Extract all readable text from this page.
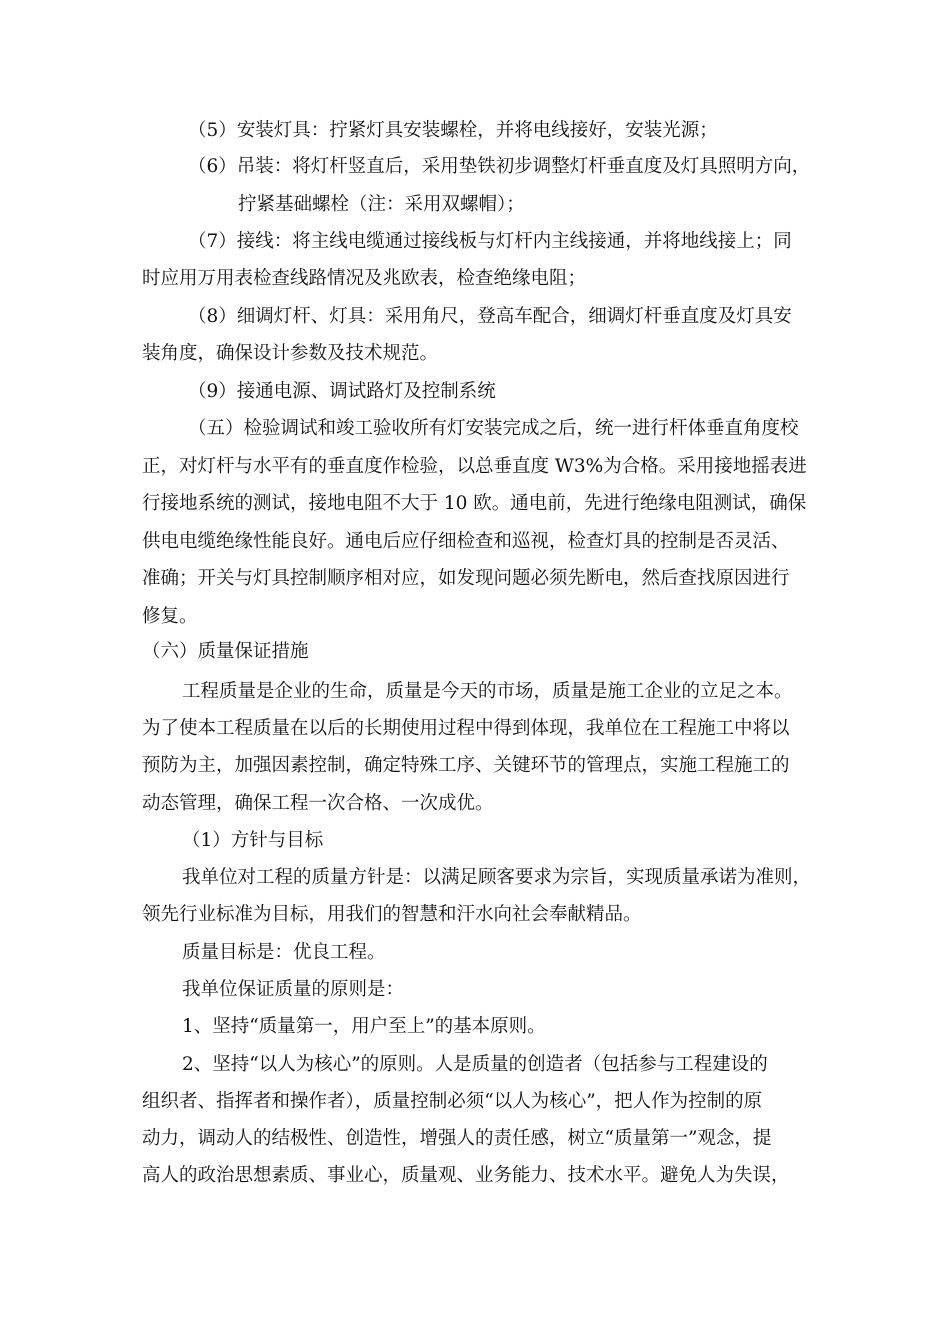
（5）安装灯具：拧紧灯具安装螺栓，并将电线接好，安装光源；
（6）吊装：将灯杆竖直后，采用垫铁初步调整灯杆垂直度及灯具照明方向，
拧紧基础螺栓（注：采用双螺帽）；
（7）接线：将主线电缆通过接线板与灯杆内主线接通，并将地线接上；同
时应用万用表检查线路情况及兆欧表，检查绝缘电阻；
（8）细调灯杆、灯具：采用角尺，登高车配合，细调灯杆垂直度及灯具安
装角度，确保设计参数及技术规范。
（9）接通电源、调试路灯及控制系统
（五）检验调试和竣工验收所有灯安装完成之后，统一进行杆体垂直角度校
正，对灯杆与水平有的垂直度作检验，以总垂直度 W3%为合格。采用接地摇表进
行接地系统的测试，接地电阻不大于 10 欧。通电前，先进行绝缘电阻测试，确保
供电电缆绝缘性能良好。通电后应仔细检查和巡视，检查灯具的控制是否灵活、
准确；开关与灯具控制顺序相对应，如发现问题必须先断电，然后查找原因进行
修复。
（六）质量保证措施
工程质量是企业的生命，质量是今天的市场，质量是施工企业的立足之本。
为了使本工程质量在以后的长期使用过程中得到体现，我单位在工程施工中将以
预防为主，加强因素控制，确定特殊工序、关键环节的管理点，实施工程施工的
动态管理，确保工程一次合格、一次成优。
（1）方针与目标
我单位对工程的质量方针是：以满足顾客要求为宗旨，实现质量承诺为准则，
领先行业标准为目标，用我们的智慧和汗水向社会奉献精品。
质量目标是：优良工程。
我单位保证质量的原则是：
1、坚持“质量第一，用户至上”的基本原则。
2、坚持“以人为核心”的原则。人是质量的创造者（包括参与工程建设的
组织者、指挥者和操作者），质量控制必须“以人为核心”，把人作为控制的原
动力，调动人的结极性、创造性，增强人的责任感，树立“质量第一”观念，提
高人的政治思想素质、事业心，质量观、业务能力、技术水平。避免人为失误，
